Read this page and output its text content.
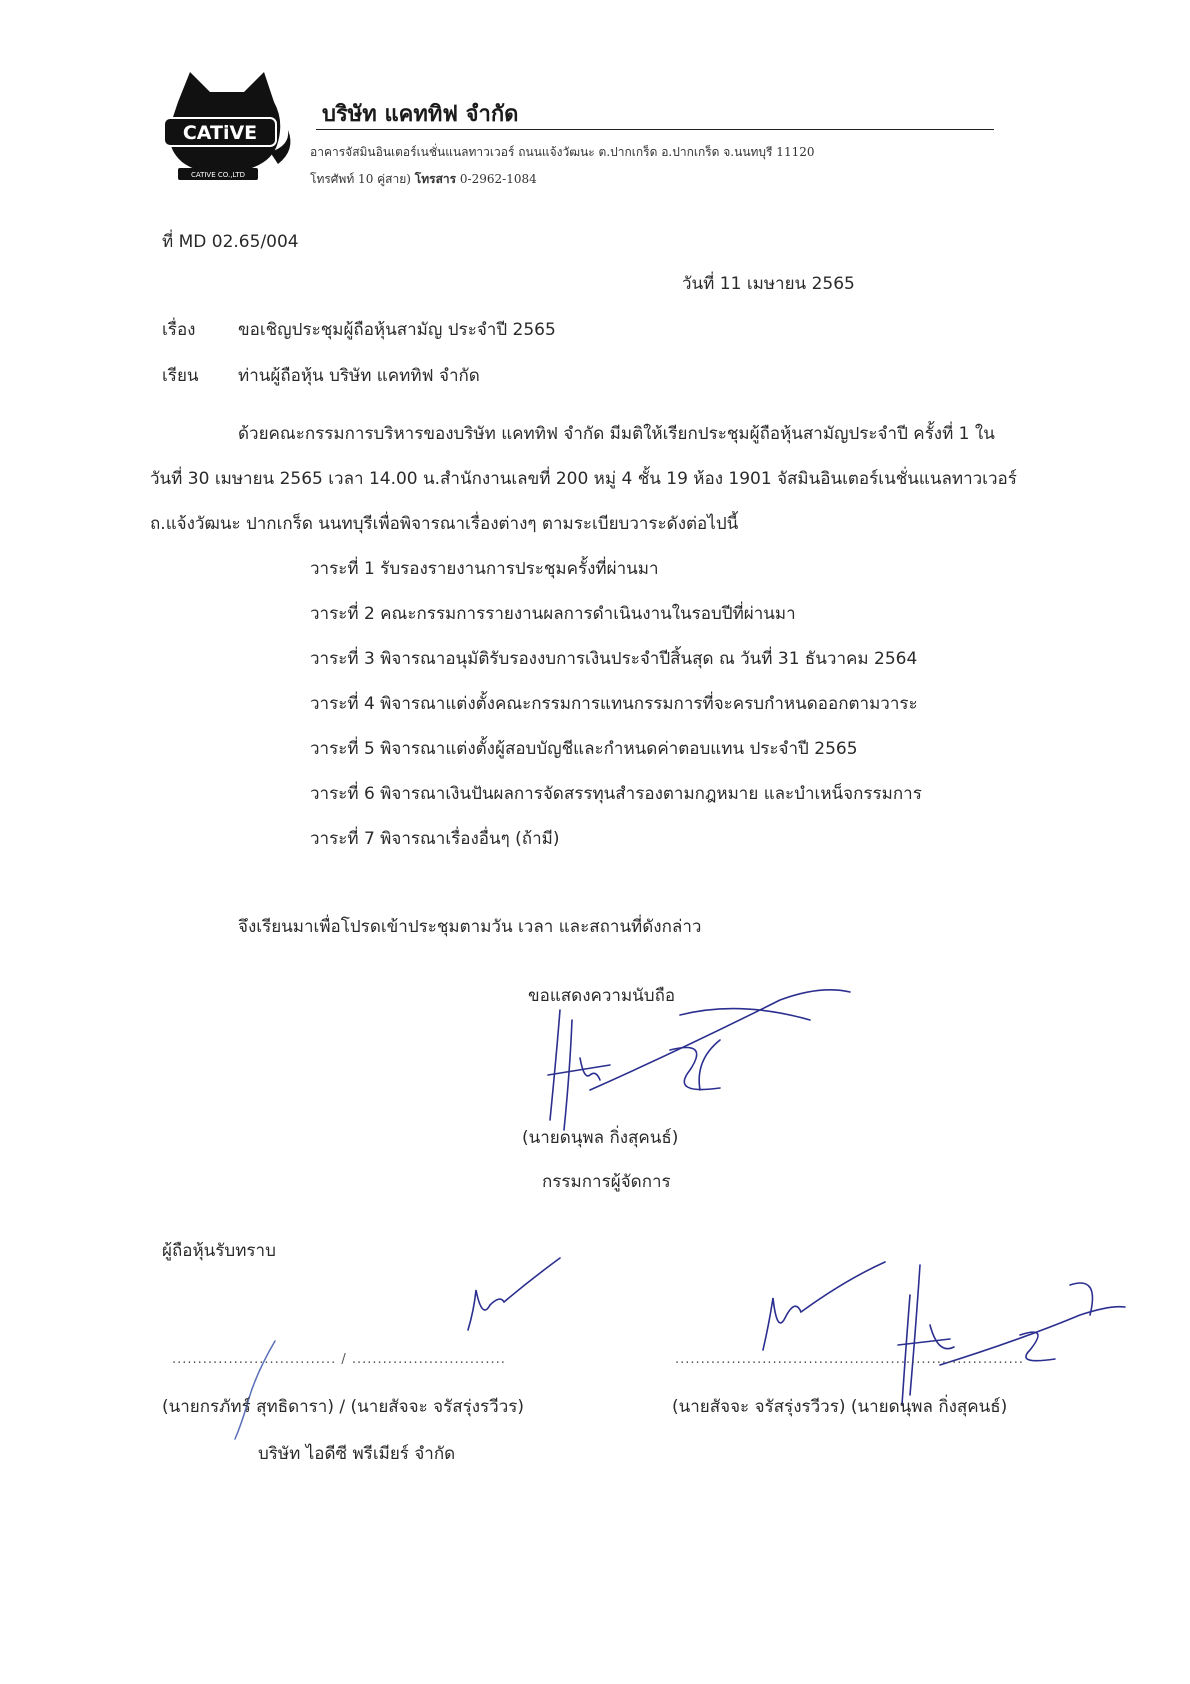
CATiVE
CATIVE CO.,LTD
บริษัท แคททิฟ จำกัด
อาคารจัสมินอินเตอร์เนชั่นแนลทาวเวอร์ ถนนแจ้งวัฒนะ ต.ปากเกร็ด อ.ปากเกร็ด จ.นนทบุรี 11120
โทรศัพท์ 10 คู่สาย) โทรสาร 0-2962-1084
ที่ MD 02.65/004
วันที่ 11 เมษายน 2565
เรื่อง	ขอเชิญประชุมผู้ถือหุ้นสามัญ ประจำปี 2565
เรียน ท่านผู้ถือหุ้น บริษัท แคททิฟ จำกัด
ด้วยคณะกรรมการบริหารของบริษัท แคททิฟ จำกัด มีมติให้เรียกประชุมผู้ถือหุ้นสามัญประจำปี ครั้งที่ 1 ใน
วันที่ 30 เมษายน 2565 เวลา 14.00 น.สำนักงานเลขที่ 200 หมู่ 4 ชั้น 19 ห้อง 1901 จัสมินอินเตอร์เนชั่นแนลทาวเวอร์
ถ.แจ้งวัฒนะ ปากเกร็ด นนทบุรีเพื่อพิจารณาเรื่องต่างๆ ตามระเบียบวาระดังต่อไปนี้
วาระที่ 1 รับรองรายงานการประชุมครั้งที่ผ่านมา
วาระที่ 2 คณะกรรมการรายงานผลการดำเนินงานในรอบปีที่ผ่านมา
วาระที่ 3 พิจารณาอนุมัติรับรองงบการเงินประจำปีสิ้นสุด ณ วันที่ 31 ธันวาคม 2564
วาระที่ 4 พิจารณาแต่งตั้งคณะกรรมการแทนกรรมการที่จะครบกำหนดออกตามวาระ
วาระที่ 5 พิจารณาแต่งตั้งผู้สอบบัญชีและกำหนดค่าตอบแทน ประจำปี 2565
วาระที่ 6 พิจารณาเงินปันผลการจัดสรรทุนสำรองตามกฎหมาย และบำเหน็จกรรมการ
วาระที่ 7 พิจารณาเรื่องอื่นๆ (ถ้ามี)
จึงเรียนมาเพื่อโปรดเข้าประชุมตามวัน เวลา และสถานที่ดังกล่าว
ขอแสดงความนับถือ
(นายดนุพล กิ่งสุคนธ์)
กรรมการผู้จัดการ
ผู้ถือหุ้นรับทราบ
................................ / ..............................	....................................................................
(นายกรภัทร์ สุทธิดารา) / (นายสัจจะ จรัสรุ่งรวีวร)	(นายสัจจะ จรัสรุ่งรวีวร) (นายดนุพล กิ่งสุคนธ์)
บริษัท ไอดีซี พรีเมียร์ จำกัด
